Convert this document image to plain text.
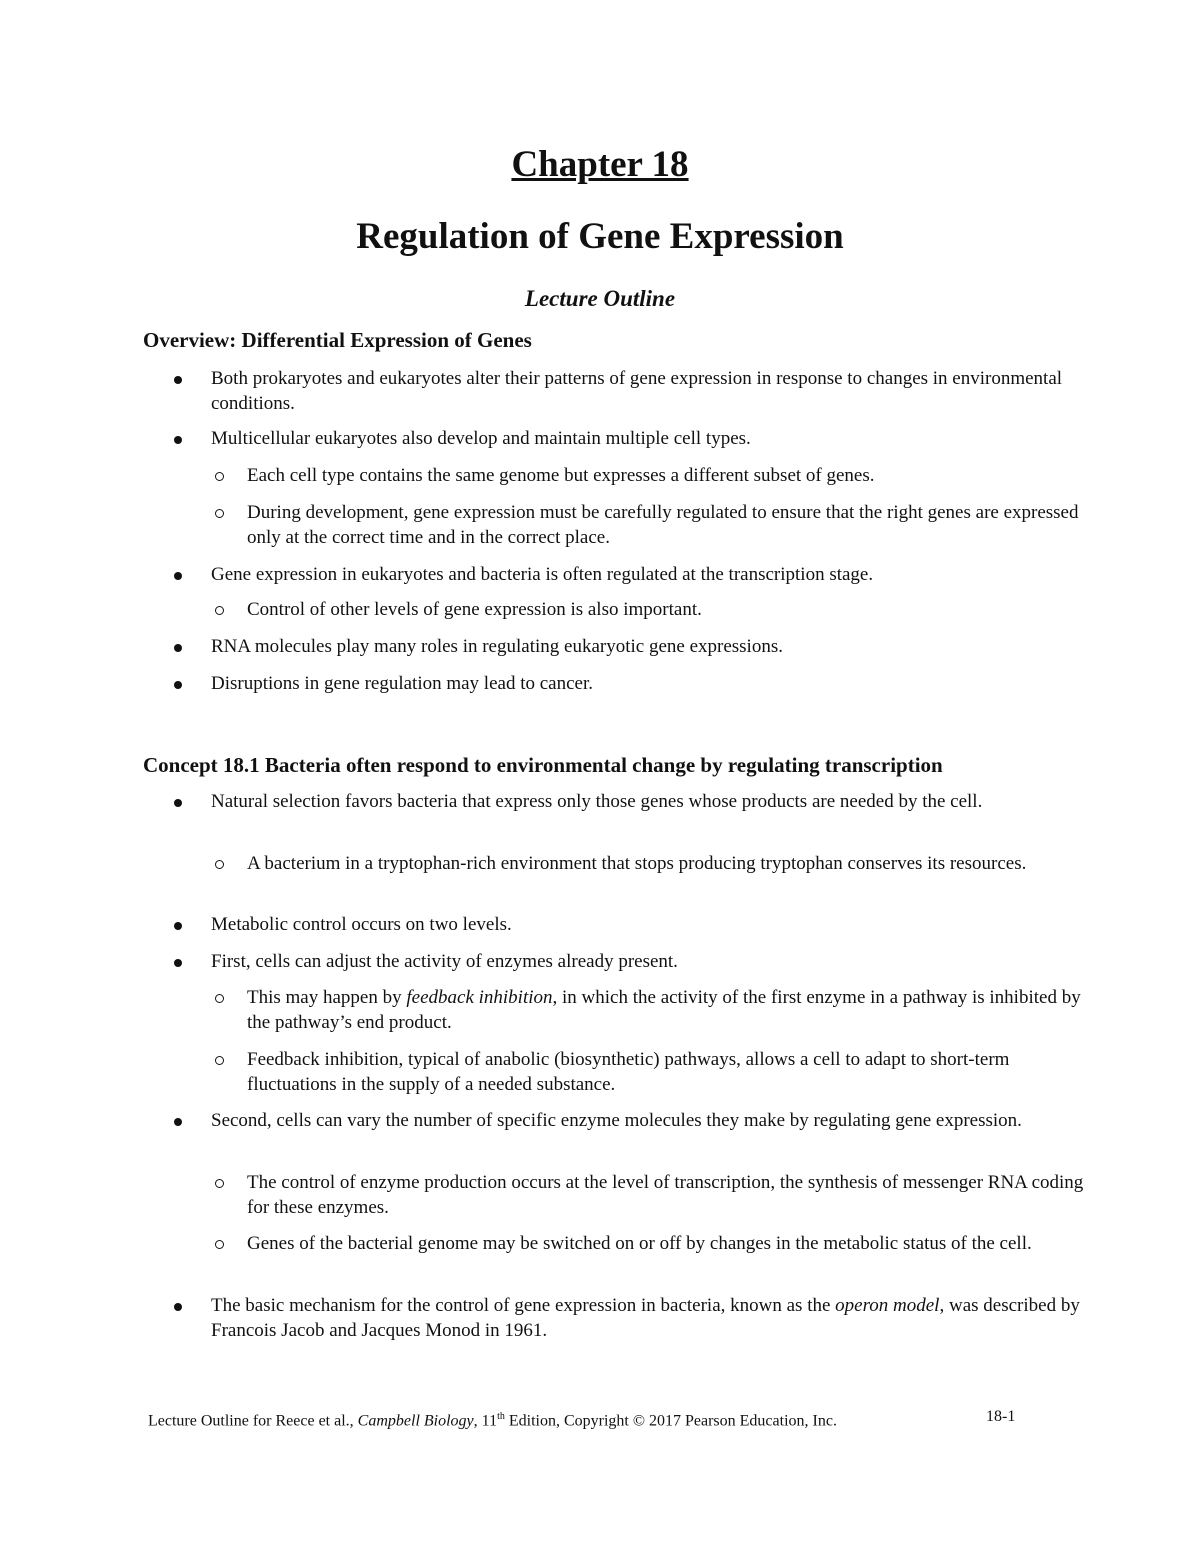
Chapter 18
Regulation of Gene Expression
Lecture Outline
Overview: Differential Expression of Genes
Both prokaryotes and eukaryotes alter their patterns of gene expression in response to changes in environmental conditions.
Multicellular eukaryotes also develop and maintain multiple cell types.
Each cell type contains the same genome but expresses a different subset of genes.
During development, gene expression must be carefully regulated to ensure that the right genes are expressed only at the correct time and in the correct place.
Gene expression in eukaryotes and bacteria is often regulated at the transcription stage.
Control of other levels of gene expression is also important.
RNA molecules play many roles in regulating eukaryotic gene expressions.
Disruptions in gene regulation may lead to cancer.
Concept 18.1 Bacteria often respond to environmental change by regulating transcription
Natural selection favors bacteria that express only those genes whose products are needed by the cell.
A bacterium in a tryptophan-rich environment that stops producing tryptophan conserves its resources.
Metabolic control occurs on two levels.
First, cells can adjust the activity of enzymes already present.
This may happen by feedback inhibition, in which the activity of the first enzyme in a pathway is inhibited by the pathway’s end product.
Feedback inhibition, typical of anabolic (biosynthetic) pathways, allows a cell to adapt to short-term fluctuations in the supply of a needed substance.
Second, cells can vary the number of specific enzyme molecules they make by regulating gene expression.
The control of enzyme production occurs at the level of transcription, the synthesis of messenger RNA coding for these enzymes.
Genes of the bacterial genome may be switched on or off by changes in the metabolic status of the cell.
The basic mechanism for the control of gene expression in bacteria, known as the operon model, was described by Francois Jacob and Jacques Monod in 1961.
Lecture Outline for Reece et al., Campbell Biology, 11th Edition, Copyright © 2017 Pearson Education, Inc.	18-1
